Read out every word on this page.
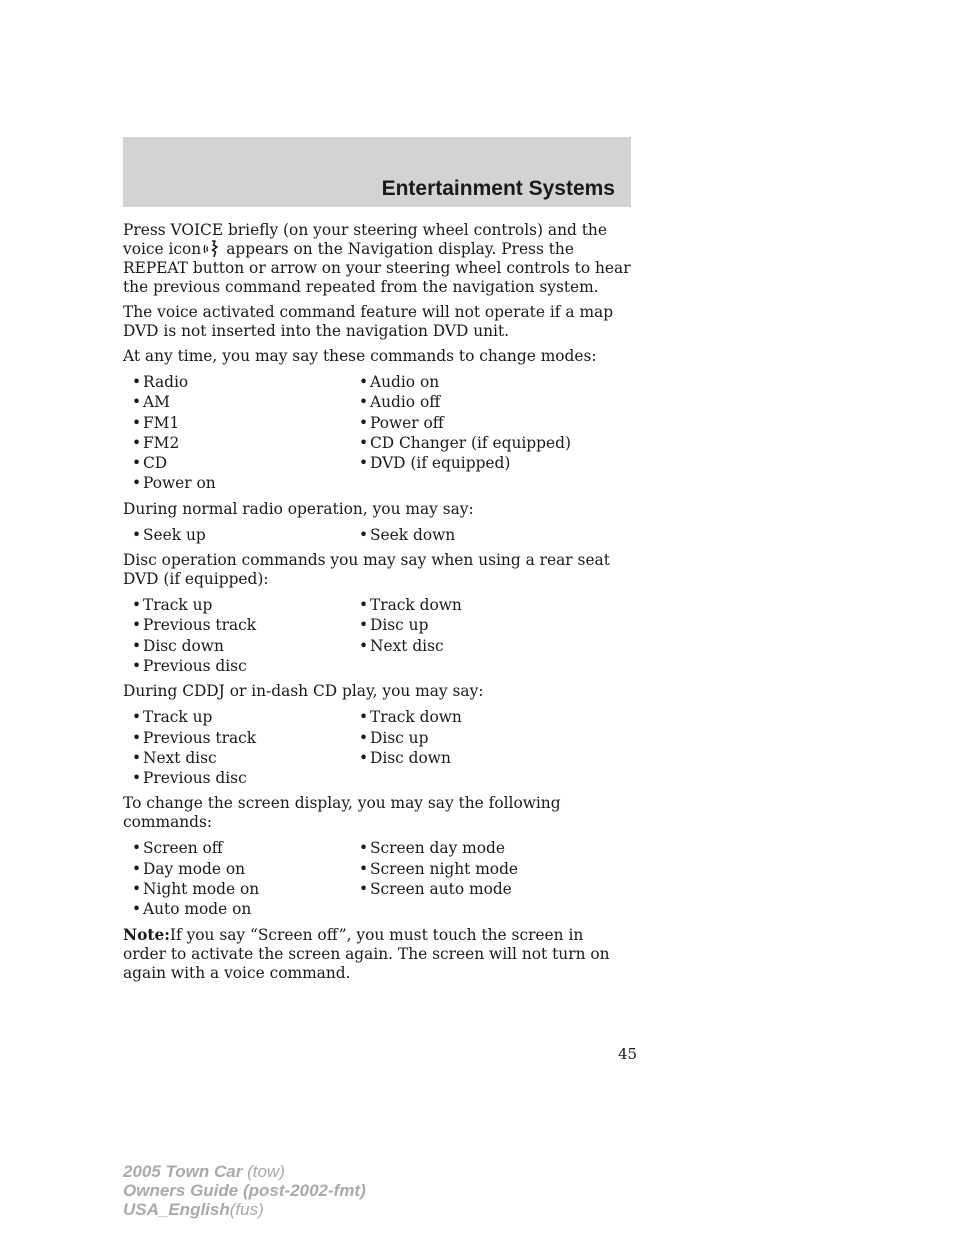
Entertainment Systems

Press VOICE briefly (on your steering wheel controls) and the voice icon appears on the Navigation display. Press the REPEAT button or arrow on your steering wheel controls to hear the previous command repeated from the navigation system.

The voice activated command feature will not operate if a map DVD is not inserted into the navigation DVD unit.

At any time, you may say these commands to change modes:

• Radio
• AM
• FM1
• FM2
• CD
• Power on
• Audio on
• Audio off
• Power off
• CD Changer (if equipped)
• DVD (if equipped)

During normal radio operation, you may say:

• Seek up	• Seek down

Disc operation commands you may say when using a rear seat DVD (if equipped):

• Track up
• Previous track
• Disc down
• Previous disc
• Track down
• Disc up
• Next disc

During CDDJ or in-dash CD play, you may say:

• Track up
• Previous track
• Next disc
• Previous disc
• Track down
• Disc up
• Disc down

To change the screen display, you may say the following commands:

• Screen off
• Day mode on
• Night mode on
• Auto mode on
• Screen day mode
• Screen night mode
• Screen auto mode

Note:If you say “Screen off”, you must touch the screen in order to activate the screen again. The screen will not turn on again with a voice command.

45
2005 Town Car (tow)
Owners Guide (post-2002-fmt)
USA_English(fus)
